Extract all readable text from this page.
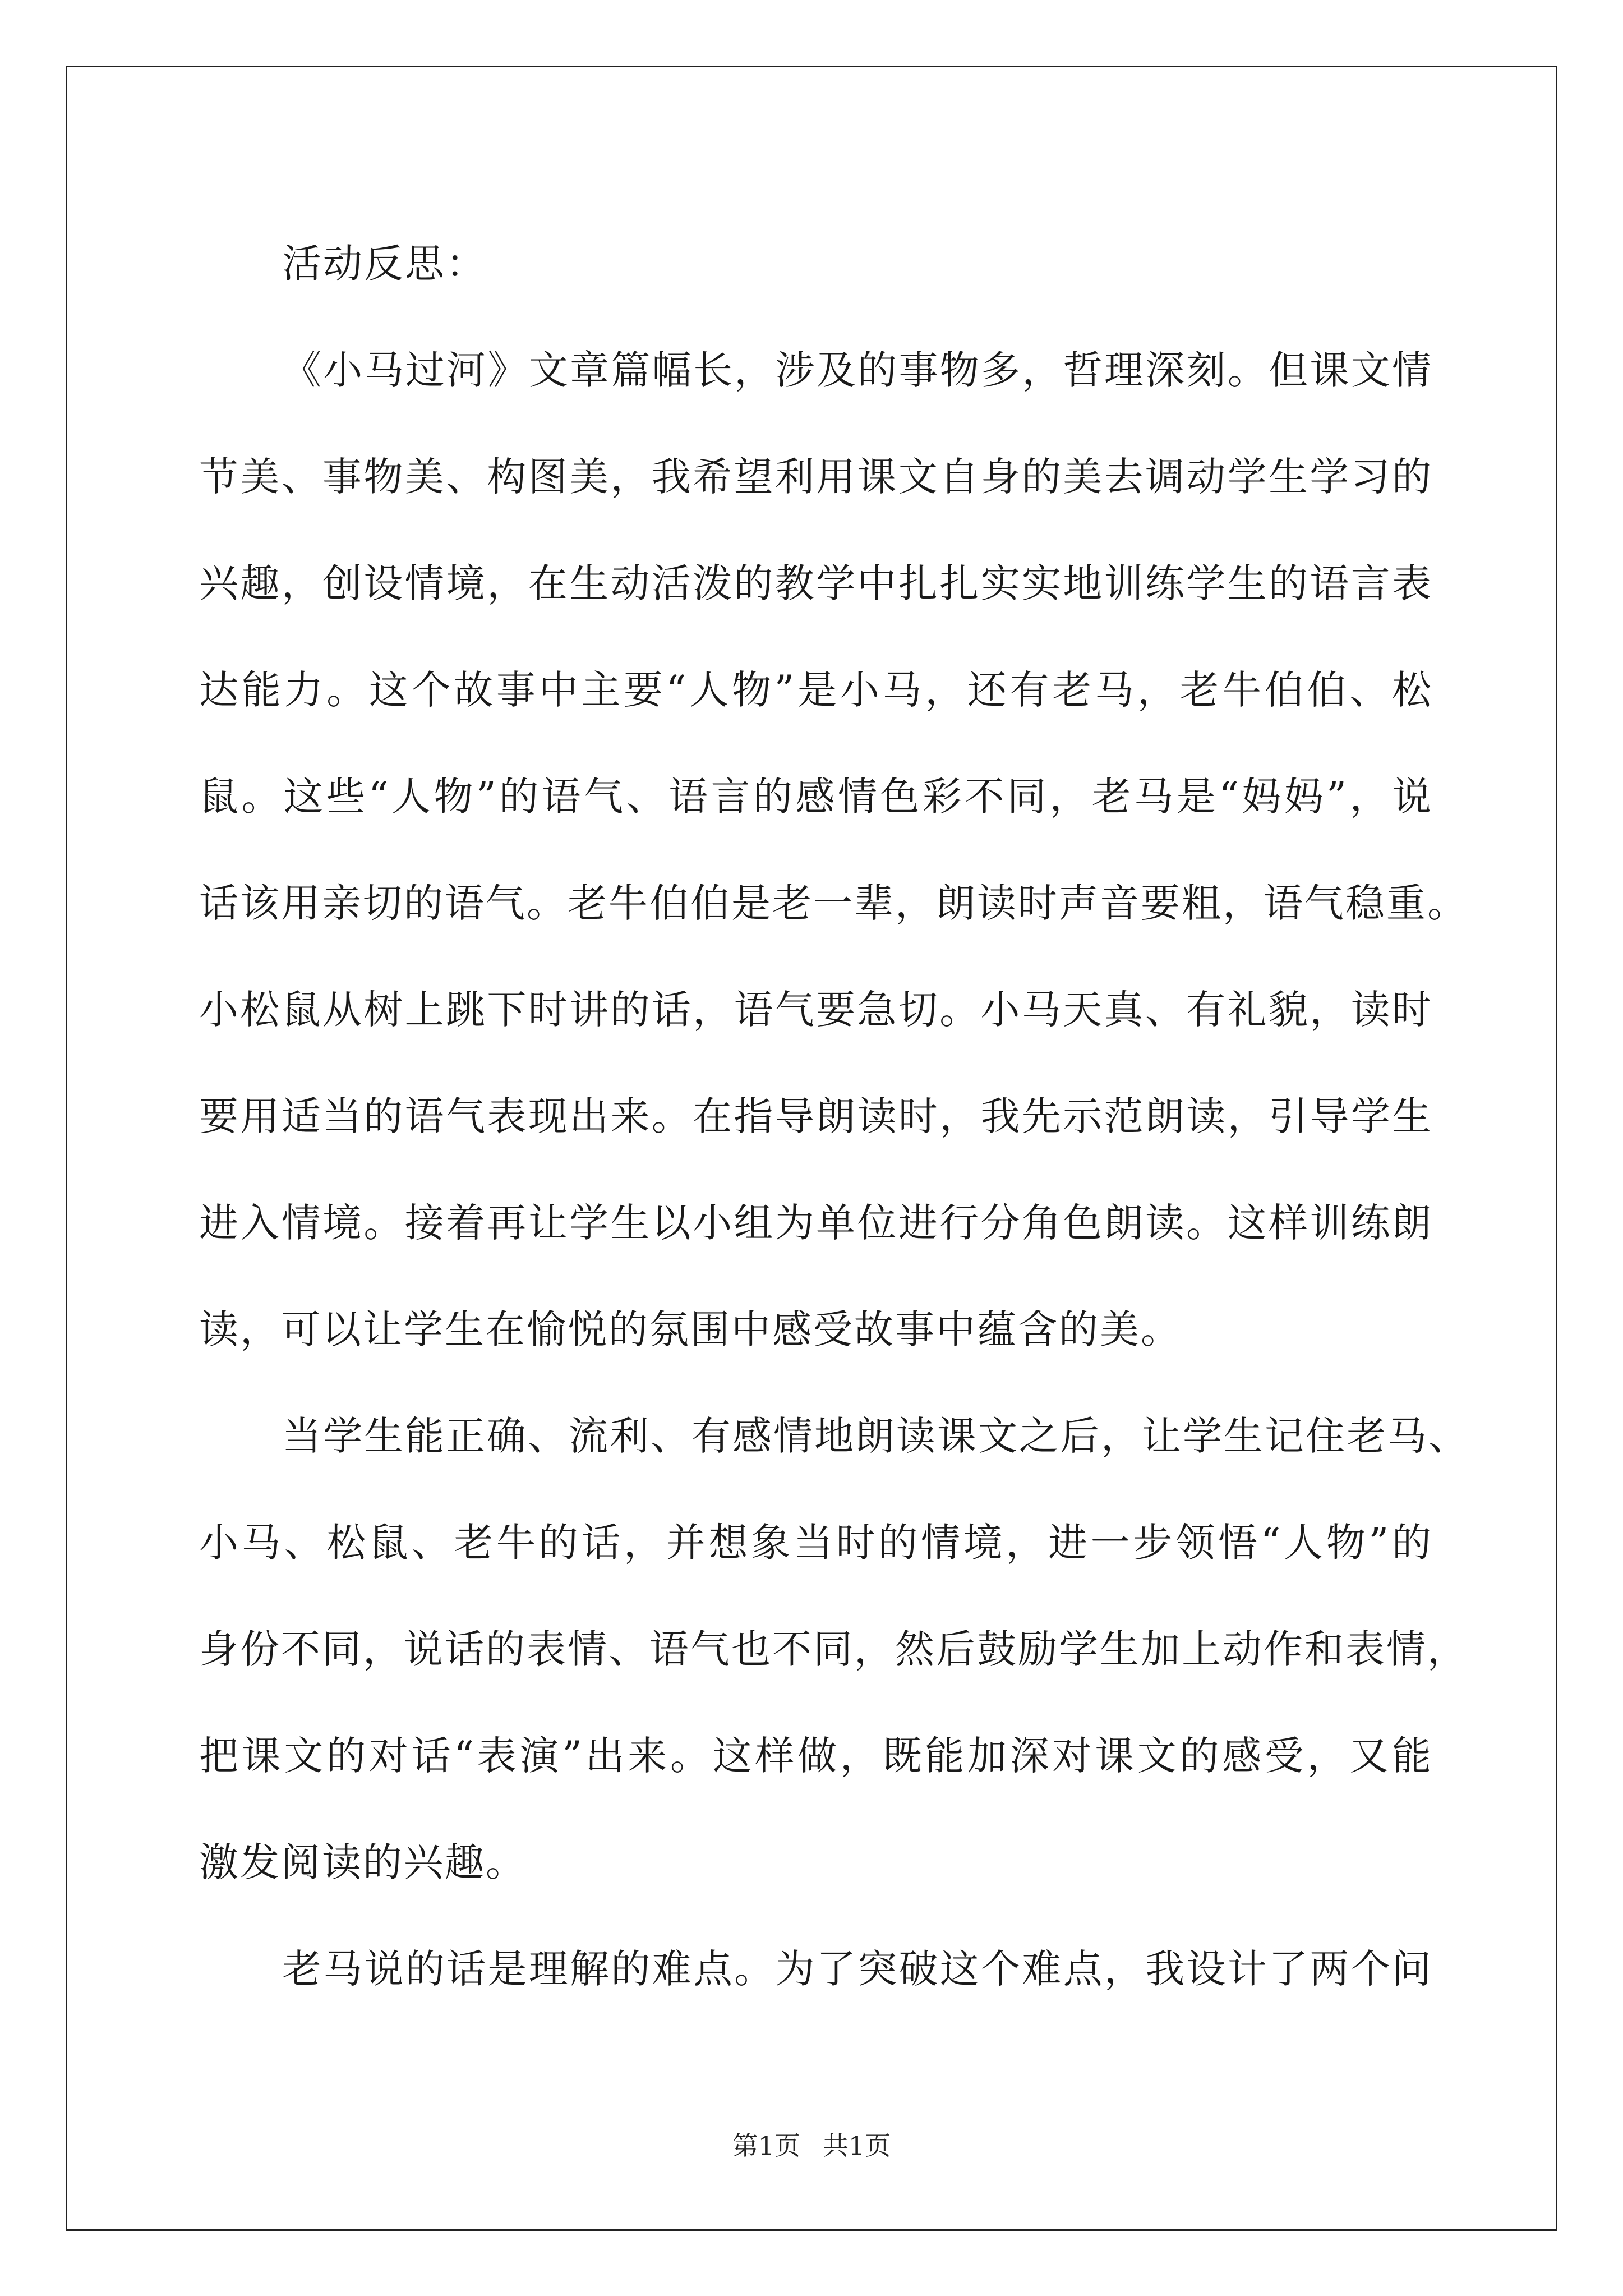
活动反思：
《小马过河》文章篇幅长，涉及的事物多，哲理深刻。但课文情
节美、事物美、构图美，我希望利用课文自身的美去调动学生学习的
兴趣，创设情境，在生动活泼的教学中扎扎实实地训练学生的语言表
达能力。这个故事中主要“人物”是小马，还有老马，老牛伯伯、松
鼠。这些“人物”的语气、语言的感情色彩不同，老马是“妈妈”，说
话该用亲切的语气。老牛伯伯是老一辈，朗读时声音要粗，语气稳重。
小松鼠从树上跳下时讲的话，语气要急切。小马天真、有礼貌，读时
要用适当的语气表现出来。在指导朗读时，我先示范朗读，引导学生
进入情境。接着再让学生以小组为单位进行分角色朗读。这样训练朗
读，可以让学生在愉悦的氛围中感受故事中蕴含的美。
当学生能正确、流利、有感情地朗读课文之后，让学生记住老马、
小马、松鼠、老牛的话，并想象当时的情境，进一步领悟“人物”的
身份不同，说话的表情、语气也不同，然后鼓励学生加上动作和表情，
把课文的对话“表演”出来。这样做，既能加深对课文的感受，又能
激发阅读的兴趣。
老马说的话是理解的难点。为了突破这个难点，我设计了两个问
第1页 共1页
